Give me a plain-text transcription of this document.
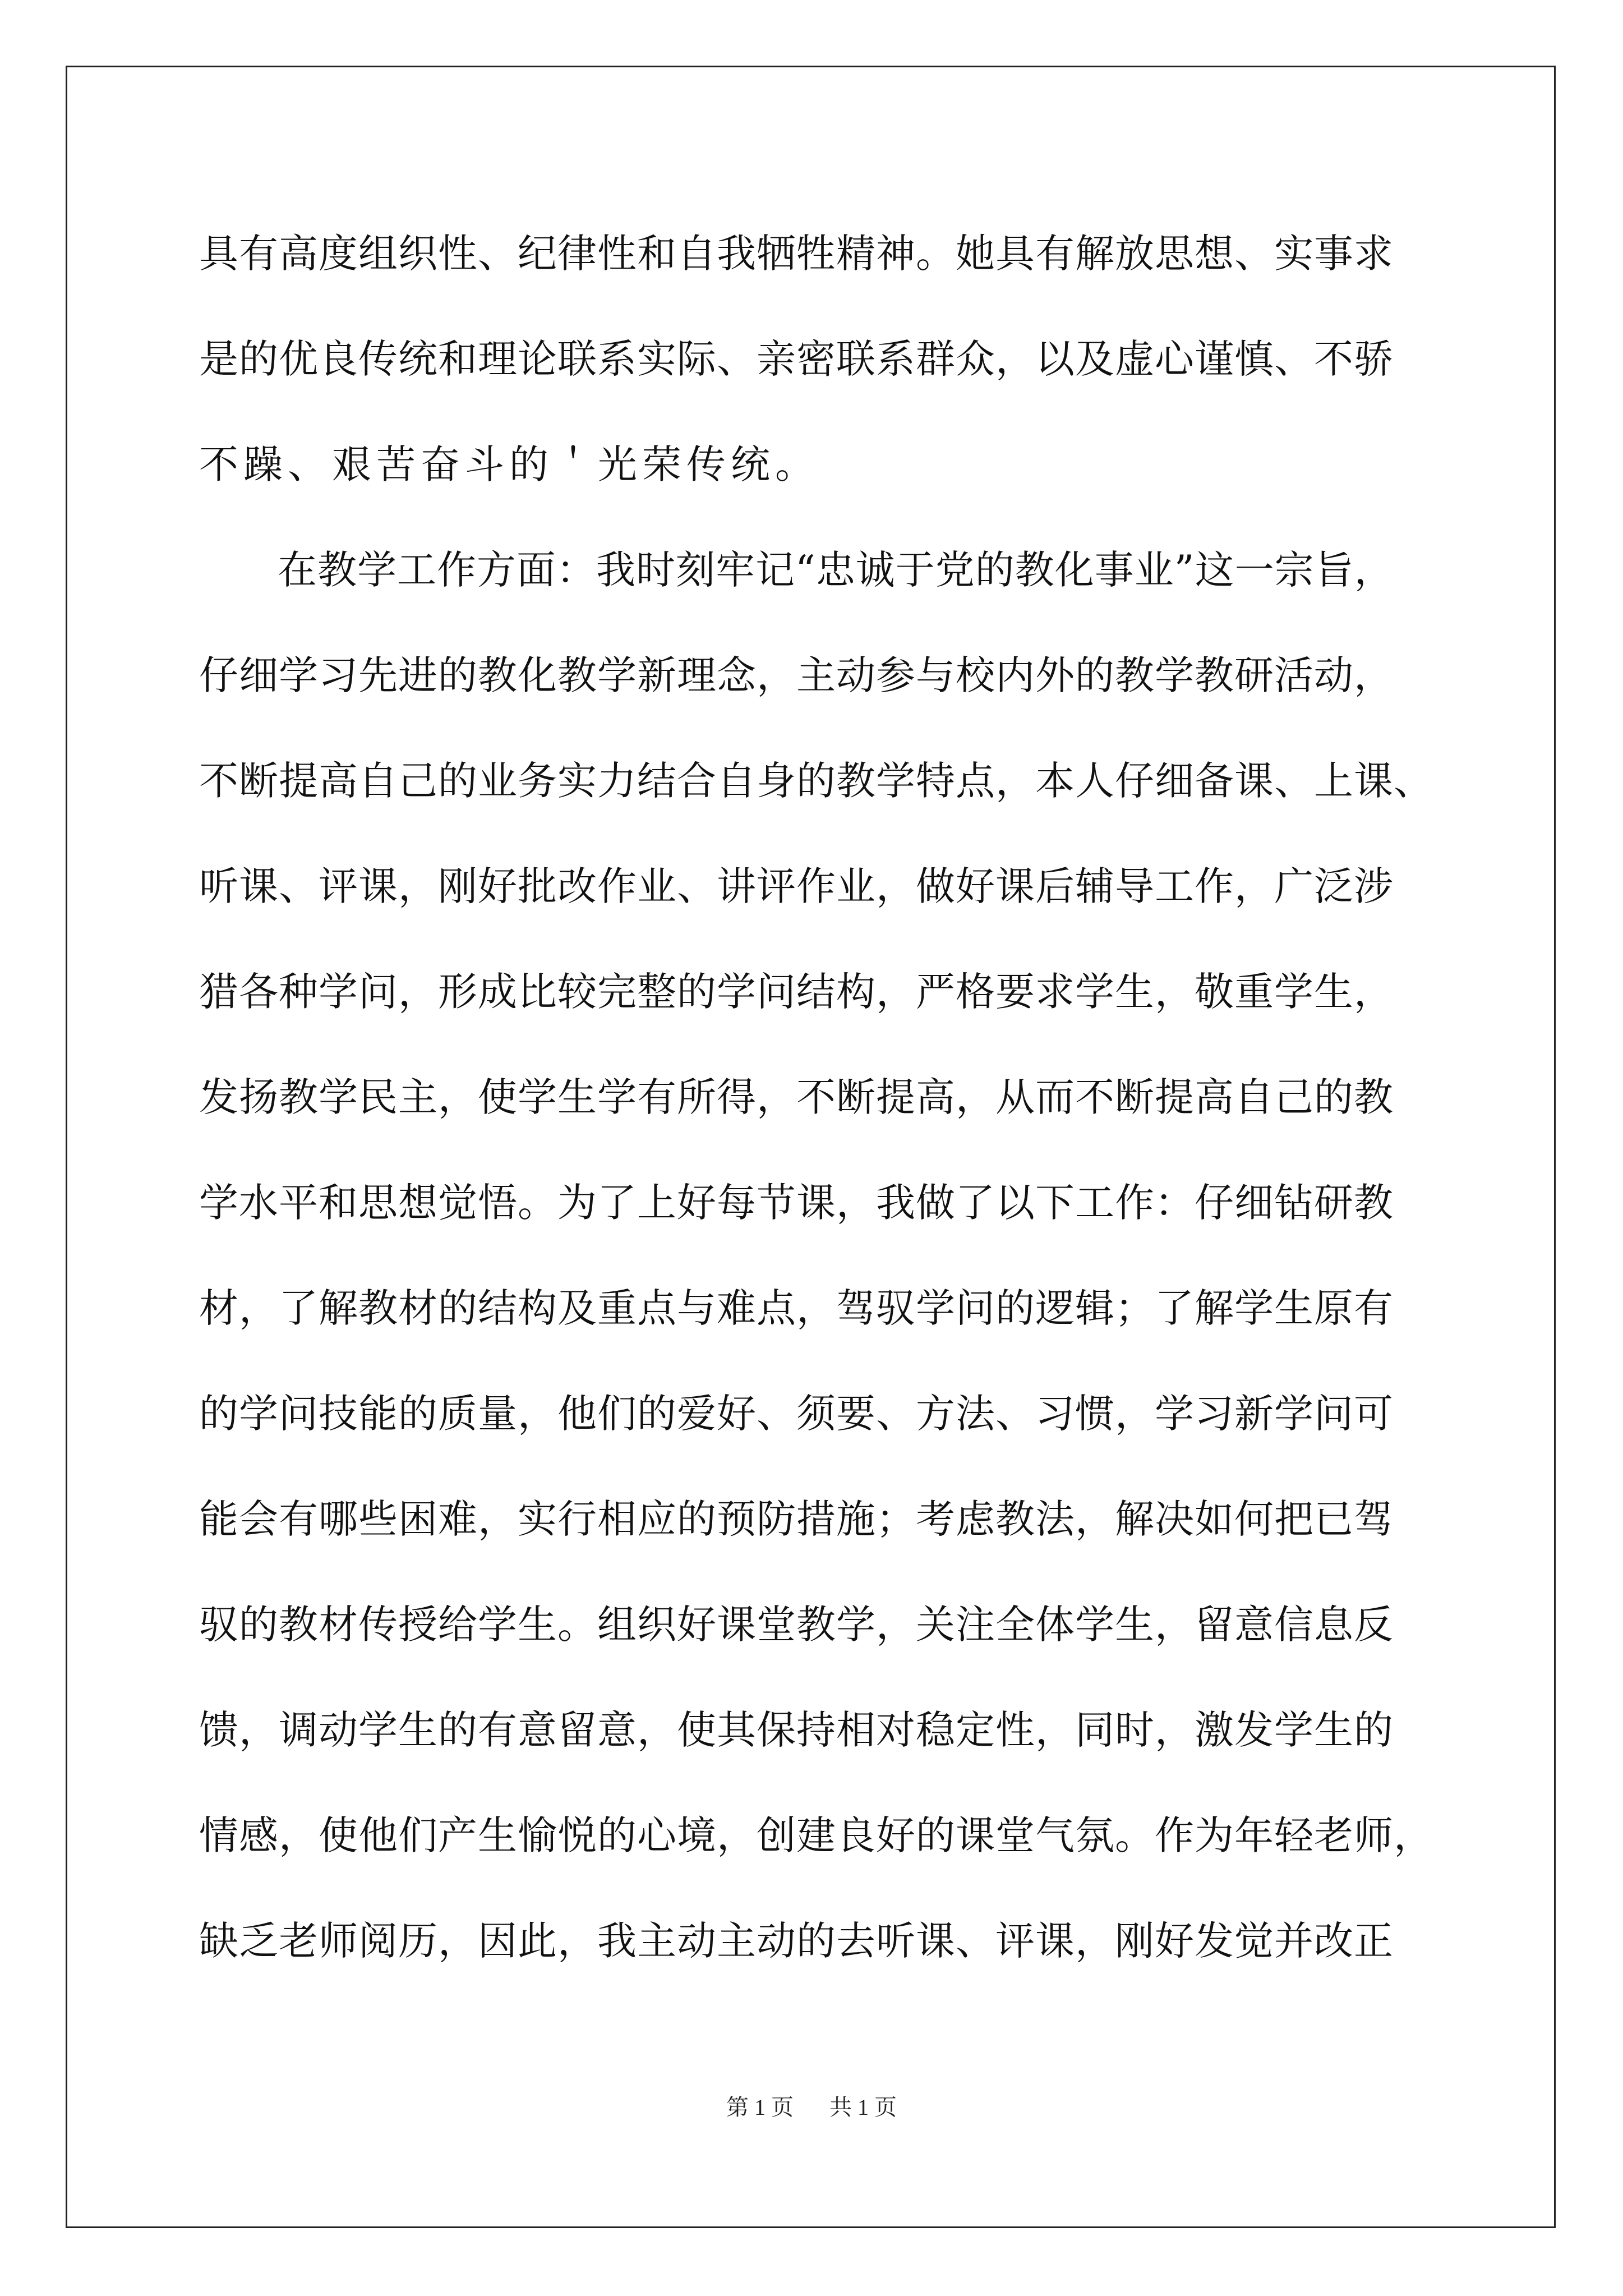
具有高度组织性、纪律性和自我牺牲精神。她具有解放思想、实事求
是的优良传统和理论联系实际、亲密联系群众，以及虚心谨慎、不骄
不躁、艰苦奋斗的＇光荣传统。
在教学工作方面：我时刻牢记“忠诚于党的教化事业”这一宗旨，
仔细学习先进的教化教学新理念，主动参与校内外的教学教研活动，
不断提高自己的业务实力结合自身的教学特点，本人仔细备课、上课、
听课、评课，刚好批改作业、讲评作业，做好课后辅导工作，广泛涉
猎各种学问，形成比较完整的学问结构，严格要求学生，敬重学生，
发扬教学民主，使学生学有所得，不断提高，从而不断提高自己的教
学水平和思想觉悟。为了上好每节课，我做了以下工作：仔细钻研教
材，了解教材的结构及重点与难点，驾驭学问的逻辑；了解学生原有
的学问技能的质量，他们的爱好、须要、方法、习惯，学习新学问可
能会有哪些困难，实行相应的预防措施；考虑教法，解决如何把已驾
驭的教材传授给学生。组织好课堂教学，关注全体学生，留意信息反
馈，调动学生的有意留意，使其保持相对稳定性，同时，激发学生的
情感，使他们产生愉悦的心境，创建良好的课堂气氛。作为年轻老师，
缺乏老师阅历，因此，我主动主动的去听课、评课，刚好发觉并改正
第 1 页 共 1 页
